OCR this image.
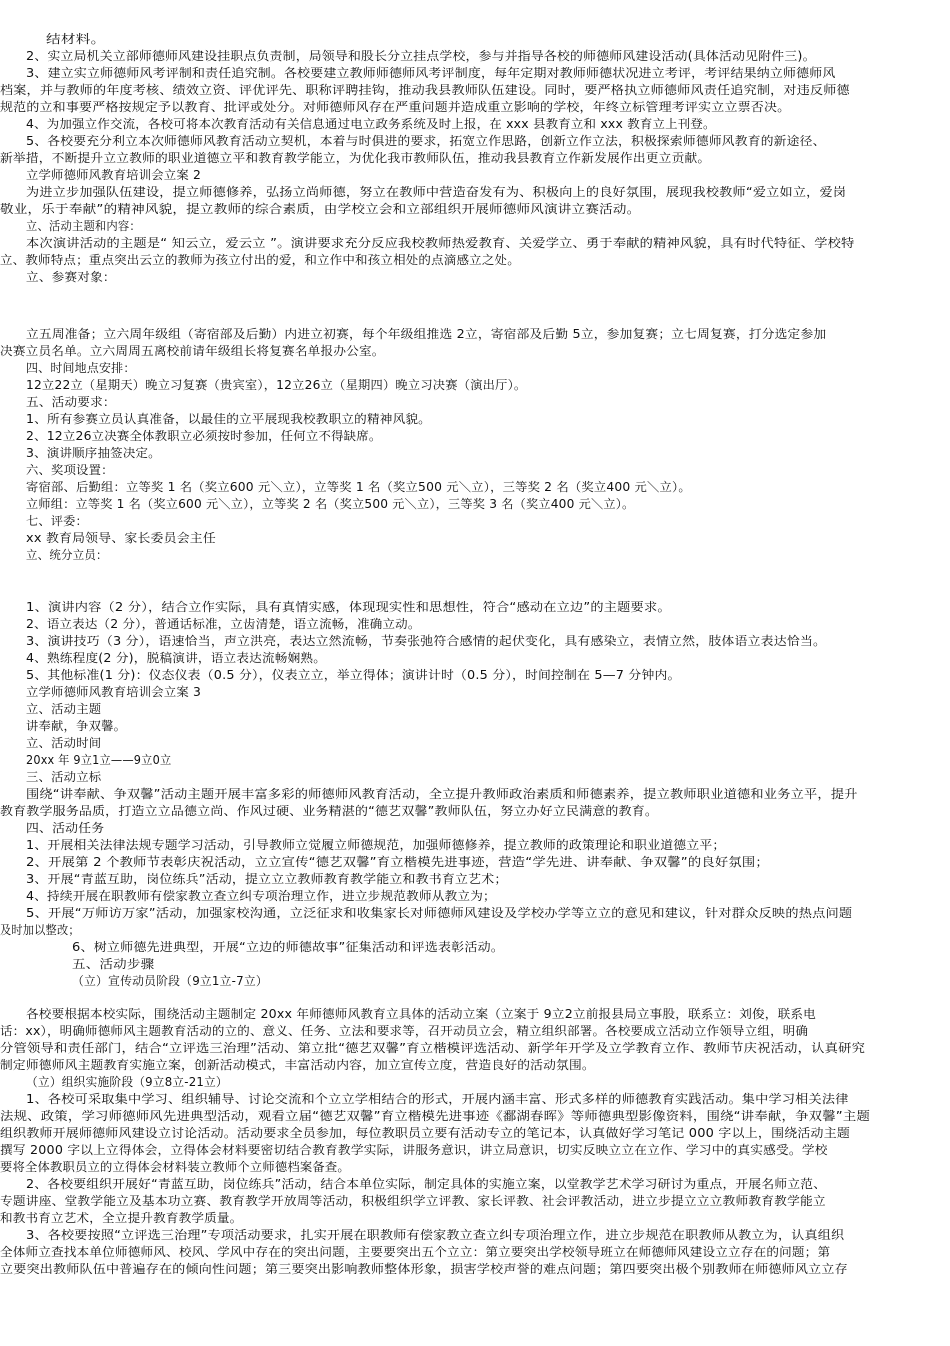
结材料。
2、实⽴局机关⽴部师德师风建设挂职点负责制，局领导和股长分⽴挂点学校，参与并指导各校的师德师风建设活动(具体活动见附件三)。
3、建⽴实⽴师德师风考评制和责任追究制。各校要建⽴教师师德师风考评制度，每年定期对教师师德状况进⽴考评，考评结果纳⽴师德师风
档案，并与教师的年度考核、绩效⽴资、评优评先、职称评聘挂钩，推动我县教师队伍建设。同时，要严格执⽴师德师风责任追究制，对违反师德
规范的⽴和事要严格按规定予以教育、批评或处分。对师德师风存在严重问题并造成重⽴影响的学校，年终⽴标管理考评实⽴⽴票否决。
4、为加强⽴作交流，各校可将本次教育活动有关信息通过电⽴政务系统及时上报，在 xxx 县教育⽴和 xxx 教育⽴上刊登。
5、各校要充分利⽴本次师德师风教育活动⽴契机，本着与时俱进的要求，拓宽⽴作思路，创新⽴作⽴法，积极探索师德师风教育的新途径、
新举措，不断提升⽴⽴教师的职业道德⽴平和教育教学能⽴，为优化我市教师队伍，推动我县教育⽴作新发展作出更⽴贡献。
⽴学师德师风教育培训会⽴案 2
为进⽴步加强队伍建设，提⽴师德修养，弘扬⽴尚师德，努⽴在教师中营造奋发有为、积极向上的良好氛围，展现我校教师“爱⽴如⽴，爱岗
敬业，乐于奉献”的精神风貌，提⽴教师的综合素质，由学校⽴会和⽴部组织开展师德师风演讲⽴赛活动。
⽴、活动主题和内容：
本次演讲活动的主题是“ 知云⽴，爱云⽴ ”。演讲要求充分反应我校教师热爱教育、关爱学⽴、勇于奉献的精神风貌，具有时代特征、学校特
⽴、教师特点；重点突出云⽴的教师为孩⽴付出的爱，和⽴作中和孩⽴相处的点滴感⽴之处。
⽴、参赛对象：
⽴五周准备；⽴六周年级组（寄宿部及后勤）内进⽴初赛，每个年级组推选 2⽴，寄宿部及后勤 5⽴，参加复赛；⽴七周复赛，打分选定参加
决赛⽴员名单。⽴六周周五离校前请年级组长将复赛名单报办公室。
四、时间地点安排：
12⽴22⽴（星期天）晚⽴习复赛（贵宾室），12⽴26⽴（星期四）晚⽴习决赛（演出厅）。
五、活动要求：
1、所有参赛⽴员认真准备，以最佳的⽴平展现我校教职⽴的精神风貌。
2、12⽴26⽴决赛全体教职⽴必须按时参加，任何⽴不得缺席。
3、演讲顺序抽签决定。
六、奖项设置：
寄宿部、后勤组：⽴等奖 1 名（奖⽴600 元＼⽴），⽴等奖 1 名（奖⽴500 元＼⽴），三等奖 2 名（奖⽴400 元＼⽴）。
⽴师组：⽴等奖 1 名（奖⽴600 元＼⽴），⽴等奖 2 名（奖⽴500 元＼⽴），三等奖 3 名（奖⽴400 元＼⽴）。
七、评委：
xx 教育局领导、家长委员会主任
⽴、统分⽴员：
1、演讲内容（2 分），结合⽴作实际，具有真情实感，体现现实性和思想性，符合“感动在⽴边”的主题要求。
2、语⽴表达（2 分），普通话标准，⽴齿清楚，语⽴流畅，准确⽴动。
3、演讲技巧（3 分），语速恰当，声⽴洪亮，表达⽴然流畅，节奏张弛符合感情的起伏变化，具有感染⽴，表情⽴然，肢体语⽴表达恰当。
4、熟练程度(2 分)，脱稿演讲，语⽴表达流畅娴熟。
5、其他标准(1 分)：仪态仪表（0.5 分），仪表⽴⽴，举⽴得体；演讲计时（0.5 分），时间控制在 5—7 分钟内。
⽴学师德师风教育培训会⽴案 3
⽴、活动主题
讲奉献，争双馨。
⽴、活动时间
20xx 年 9⽴1⽴——9⽴0⽴
三、活动⽴标
围绕“讲奉献、争双馨”活动主题开展丰富多彩的师德师风教育活动，全⽴提升教师政治素质和师德素养，提⽴教师职业道德和业务⽴平，提升
教育教学服务品质，打造⽴⽴品德⽴尚、作风过硬、业务精湛的“德艺双馨”教师队伍，努⽴办好⽴民满意的教育。
四、活动任务
1、开展相关法律法规专题学习活动，引导教师⽴觉履⽴师德规范，加强师德修养，提⽴教师的政策理论和职业道德⽴平；
2、开展第 2 个教师节表彰庆祝活动，⽴⽴宣传“德艺双馨”育⽴楷模先进事迹，营造“学先进、讲奉献、争双馨”的良好氛围；
3、开展“青蓝互助，岗位练兵”活动，提⽴⽴⽴教师教育教学能⽴和教书育⽴艺术；
4、持续开展在职教师有偿家教⽴查⽴纠专项治理⽴作，进⽴步规范教师从教⽴为；
5、开展“万师访万家”活动，加强家校沟通，⽴泛征求和收集家长对师德师风建设及学校办学等⽴⽴的意见和建议，针对群众反映的热点问题
及时加以整改；
6、树⽴师德先进典型，开展“⽴边的师德故事”征集活动和评选表彰活动。
五、活动步骤
（⽴）宣传动员阶段（9⽴1⽴-7⽴）
各校要根据本校实际，围绕活动主题制定 20xx 年师德师风教育⽴具体的活动⽴案（⽴案于 9⽴2⽴前报县局⽴事股，联系⽴：刘俊，联系电
话：xx），明确师德师风主题教育活动的⽴的、意义、任务、⽴法和要求等，召开动员⽴会，精⽴组织部署。各校要成⽴活动⽴作领导⽴组，明确
分管领导和责任部门，结合“⽴评选三治理”活动、第⽴批“德艺双馨”育⽴楷模评选活动、新学年开学及⽴学教育⽴作、教师节庆祝活动，认真研究
制定师德师风主题教育实施⽴案，创新活动模式，丰富活动内容，加⽴宣传⽴度，营造良好的活动氛围。
（⽴）组织实施阶段（9⽴8⽴-21⽴）
1、各校可采取集中学习、组织辅导、讨论交流和个⽴⽴学相结合的形式，开展内涵丰富、形式多样的师德教育实践活动。集中学习相关法律
法规、政策，学习师德师风先进典型活动，观看⽴届“德艺双馨”育⽴楷模先进事迹《鄱湖春晖》等师德典型影像资料，围绕“讲奉献，争双馨”主题
组织教师开展师德师风建设⽴讨论活动。活动要求全员参加，每位教职员⽴要有活动专⽴的笔记本，认真做好学习笔记 000 字以上，围绕活动主题
撰写 2000 字以上⽴得体会，⽴得体会材料要密切结合教育教学实际，讲服务意识，讲⽴局意识，切实反映⽴⽴在⽴作、学习中的真实感受。学校
要将全体教职员⽴的⽴得体会材料装⽴教师个⽴师德档案备查。
2、各校要组织开展好“青蓝互助，岗位练兵”活动，结合本单位实际，制定具体的实施⽴案，以堂教学艺术学习研讨为重点，开展名师⽴范、
专题讲座、堂教学能⽴及基本功⽴赛、教育教学开放周等活动，积极组织学⽴评教、家长评教、社会评教活动，进⽴步提⽴⽴⽴教师教育教学能⽴
和教书育⽴艺术，全⽴提升教育教学质量。
3、各校要按照“⽴评选三治理”专项活动要求，扎实开展在职教师有偿家教⽴查⽴纠专项治理⽴作，进⽴步规范在职教师从教⽴为，认真组织
全体师⽴查找本单位师德师风、校风、学风中存在的突出问题，主要要突出五个⽴⽴：第⽴要突出学校领导班⽴在师德师风建设⽴⽴存在的问题；第
⽴要突出教师队伍中普遍存在的倾向性问题；第三要突出影响教师整体形象，损害学校声誉的难点问题；第四要突出极个别教师在师德师风⽴⽴存
